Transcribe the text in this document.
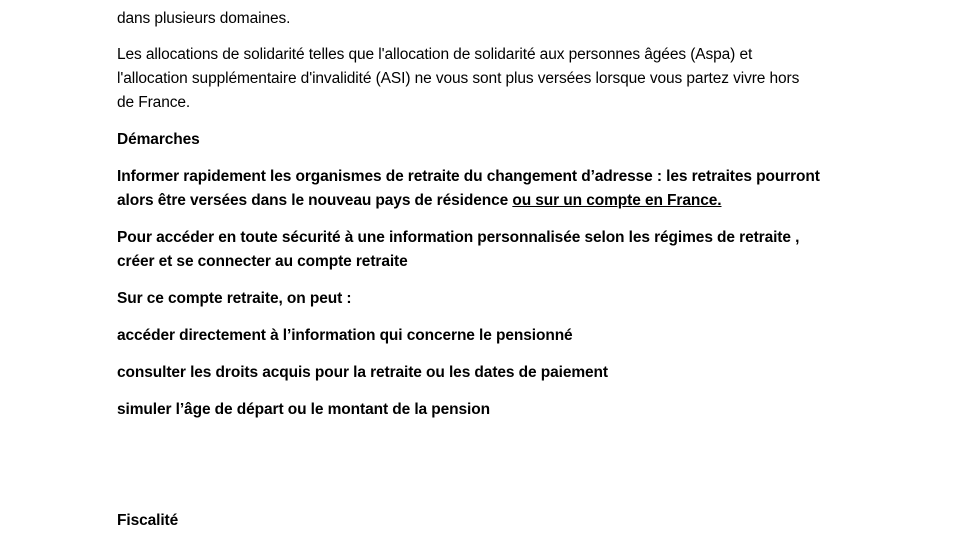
dans plusieurs domaines.
Les allocations de solidarité telles que l'allocation de solidarité aux personnes âgées (Aspa) et
l'allocation supplémentaire d'invalidité (ASI) ne vous sont plus versées lorsque vous partez vivre hors
de France.
Démarches
Informer rapidement les organismes de retraite du changement d’adresse : les retraites pourront
alors être versées dans le nouveau pays de résidence ou sur un compte en France.
Pour accéder en toute sécurité à une information personnalisée selon les régimes de retraite ,
créer et se connecter au compte retraite
Sur ce compte retraite, on peut :
accéder directement à l’information qui concerne le pensionné
consulter les droits acquis pour la retraite ou les dates de paiement
simuler l’âge de départ ou le montant de la pension
Fiscalité
